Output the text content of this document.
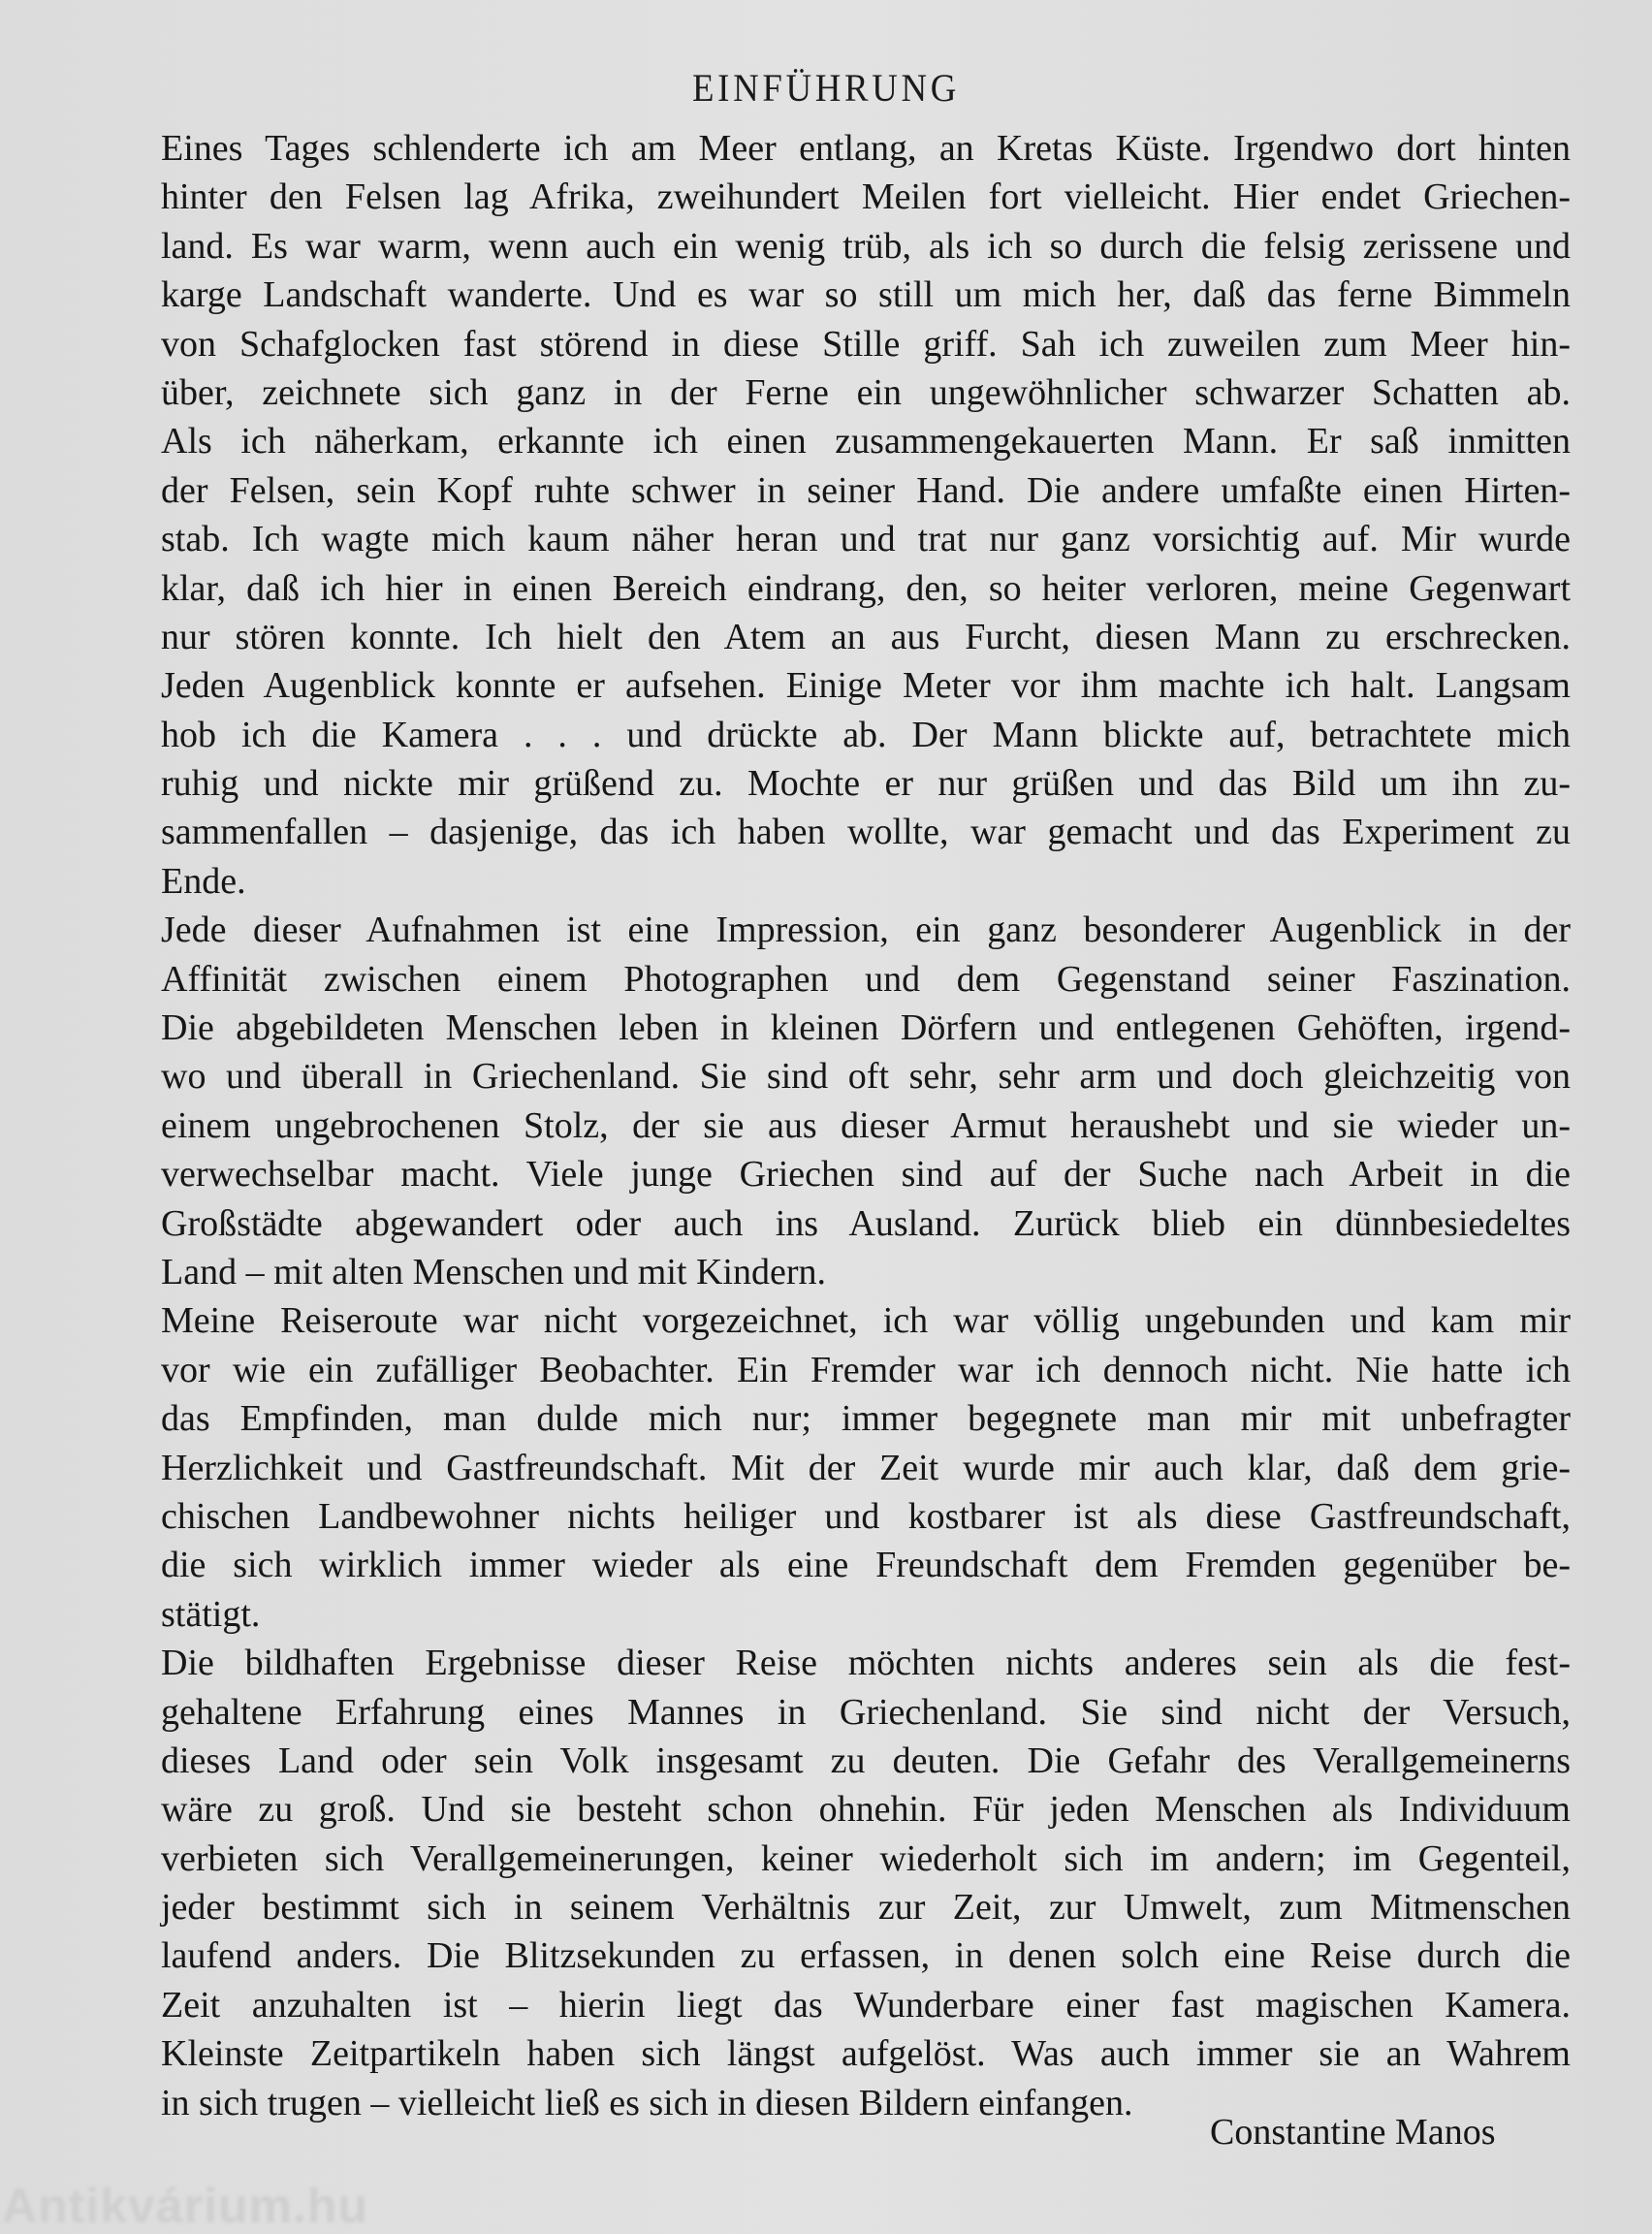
EINFÜHRUNG
Eines Tages schlenderte ich am Meer entlang, an Kretas Küste. Irgendwo dort hinten
hinter den Felsen lag Afrika, zweihundert Meilen fort vielleicht. Hier endet Griechen-
land. Es war warm, wenn auch ein wenig trüb, als ich so durch die felsig zerissene und
karge Landschaft wanderte. Und es war so still um mich her, daß das ferne Bimmeln
von Schafglocken fast störend in diese Stille griff. Sah ich zuweilen zum Meer hin-
über, zeichnete sich ganz in der Ferne ein ungewöhnlicher schwarzer Schatten ab.
Als ich näherkam, erkannte ich einen zusammengekauerten Mann. Er saß inmitten
der Felsen, sein Kopf ruhte schwer in seiner Hand. Die andere umfaßte einen Hirten-
stab. Ich wagte mich kaum näher heran und trat nur ganz vorsichtig auf. Mir wurde
klar, daß ich hier in einen Bereich eindrang, den, so heiter verloren, meine Gegenwart
nur stören konnte. Ich hielt den Atem an aus Furcht, diesen Mann zu erschrecken.
Jeden Augenblick konnte er aufsehen. Einige Meter vor ihm machte ich halt. Langsam
hob ich die Kamera . . . und drückte ab. Der Mann blickte auf, betrachtete mich
ruhig und nickte mir grüßend zu. Mochte er nur grüßen und das Bild um ihn zu-
sammenfallen – dasjenige, das ich haben wollte, war gemacht und das Experiment zu
Ende.
Jede dieser Aufnahmen ist eine Impression, ein ganz besonderer Augenblick in der
Affinität zwischen einem Photographen und dem Gegenstand seiner Faszination.
Die abgebildeten Menschen leben in kleinen Dörfern und entlegenen Gehöften, irgend-
wo und überall in Griechenland. Sie sind oft sehr, sehr arm und doch gleichzeitig von
einem ungebrochenen Stolz, der sie aus dieser Armut heraushebt und sie wieder un-
verwechselbar macht. Viele junge Griechen sind auf der Suche nach Arbeit in die
Großstädte abgewandert oder auch ins Ausland. Zurück blieb ein dünnbesiedeltes
Land – mit alten Menschen und mit Kindern.
Meine Reiseroute war nicht vorgezeichnet, ich war völlig ungebunden und kam mir
vor wie ein zufälliger Beobachter. Ein Fremder war ich dennoch nicht. Nie hatte ich
das Empfinden, man dulde mich nur; immer begegnete man mir mit unbefragter
Herzlichkeit und Gastfreundschaft. Mit der Zeit wurde mir auch klar, daß dem grie-
chischen Landbewohner nichts heiliger und kostbarer ist als diese Gastfreundschaft,
die sich wirklich immer wieder als eine Freundschaft dem Fremden gegenüber be-
stätigt.
Die bildhaften Ergebnisse dieser Reise möchten nichts anderes sein als die fest-
gehaltene Erfahrung eines Mannes in Griechenland. Sie sind nicht der Versuch,
dieses Land oder sein Volk insgesamt zu deuten. Die Gefahr des Verallgemeinerns
wäre zu groß. Und sie besteht schon ohnehin. Für jeden Menschen als Individuum
verbieten sich Verallgemeinerungen, keiner wiederholt sich im andern; im Gegenteil,
jeder bestimmt sich in seinem Verhältnis zur Zeit, zur Umwelt, zum Mitmenschen
laufend anders. Die Blitzsekunden zu erfassen, in denen solch eine Reise durch die
Zeit anzuhalten ist – hierin liegt das Wunderbare einer fast magischen Kamera.
Kleinste Zeitpartikeln haben sich längst aufgelöst. Was auch immer sie an Wahrem
in sich trugen – vielleicht ließ es sich in diesen Bildern einfangen.
Constantine Manos
Antikvárium.hu
